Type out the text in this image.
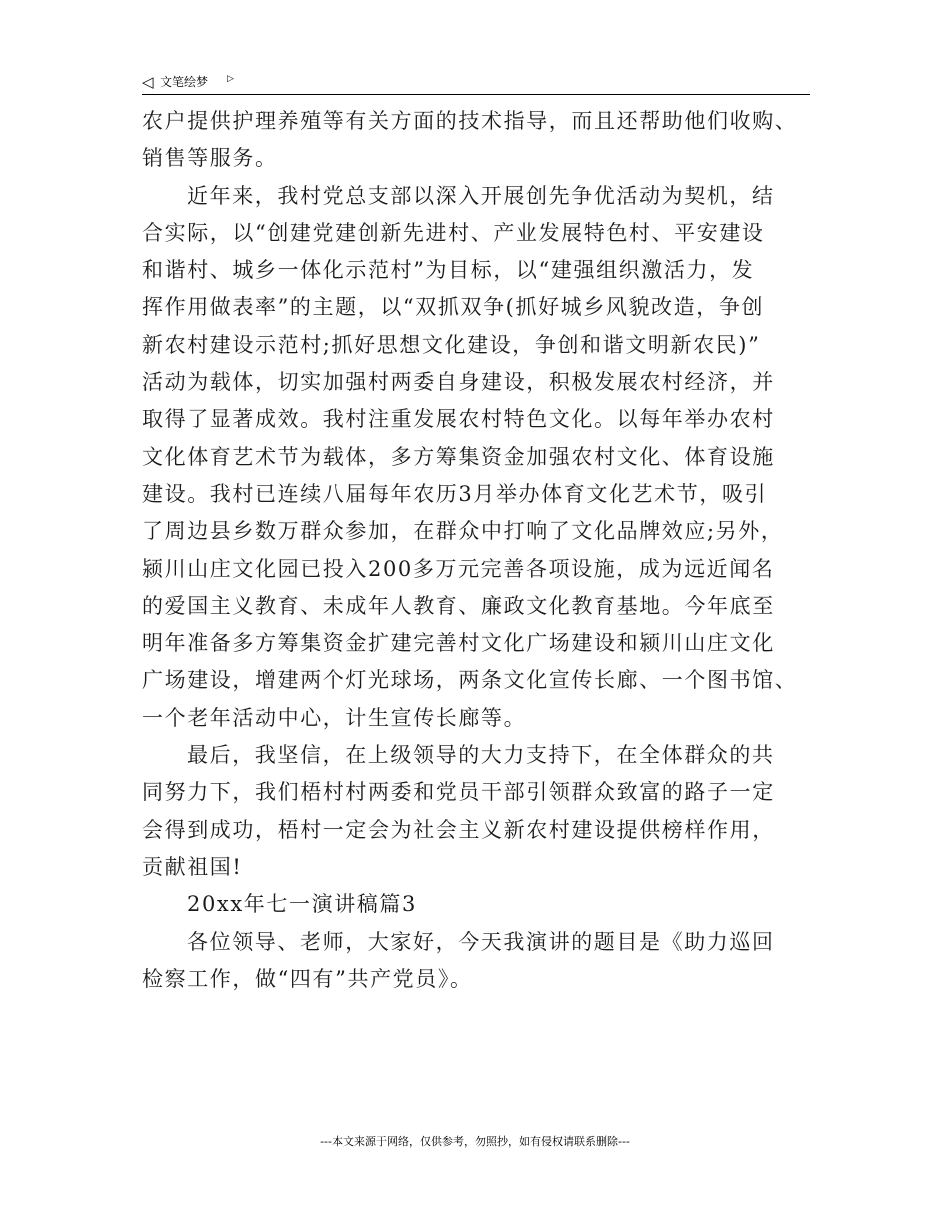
◁ 文笔绘梦 ▷
农户提供护理养殖等有关方面的技术指导，而且还帮助他们收购、
销售等服务。
近年来，我村党总支部以深入开展创先争优活动为契机，结
合实际，以“创建党建创新先进村、产业发展特色村、平安建设
和谐村、城乡一体化示范村”为目标，以“建强组织激活力，发
挥作用做表率”的主题，以“双抓双争(抓好城乡风貌改造，争创
新农村建设示范村;抓好思想文化建设，争创和谐文明新农民)”
活动为载体，切实加强村两委自身建设，积极发展农村经济，并
取得了显著成效。我村注重发展农村特色文化。以每年举办农村
文化体育艺术节为载体，多方筹集资金加强农村文化、体育设施
建设。我村已连续八届每年农历3月举办体育文化艺术节，吸引
了周边县乡数万群众参加，在群众中打响了文化品牌效应;另外，
颍川山庄文化园已投入200多万元完善各项设施，成为远近闻名
的爱国主义教育、未成年人教育、廉政文化教育基地。今年底至
明年准备多方筹集资金扩建完善村文化广场建设和颍川山庄文化
广场建设，增建两个灯光球场，两条文化宣传长廊、一个图书馆、
一个老年活动中心，计生宣传长廊等。
最后，我坚信，在上级领导的大力支持下，在全体群众的共
同努力下，我们梧村村两委和党员干部引领群众致富的路子一定
会得到成功，梧村一定会为社会主义新农村建设提供榜样作用，
贡献祖国!
20xx年七一演讲稿篇3
各位领导、老师，大家好，今天我演讲的题目是《助力巡回
检察工作，做“四有”共产党员》。
---本文来源于网络，仅供参考，勿照抄，如有侵权请联系删除---
